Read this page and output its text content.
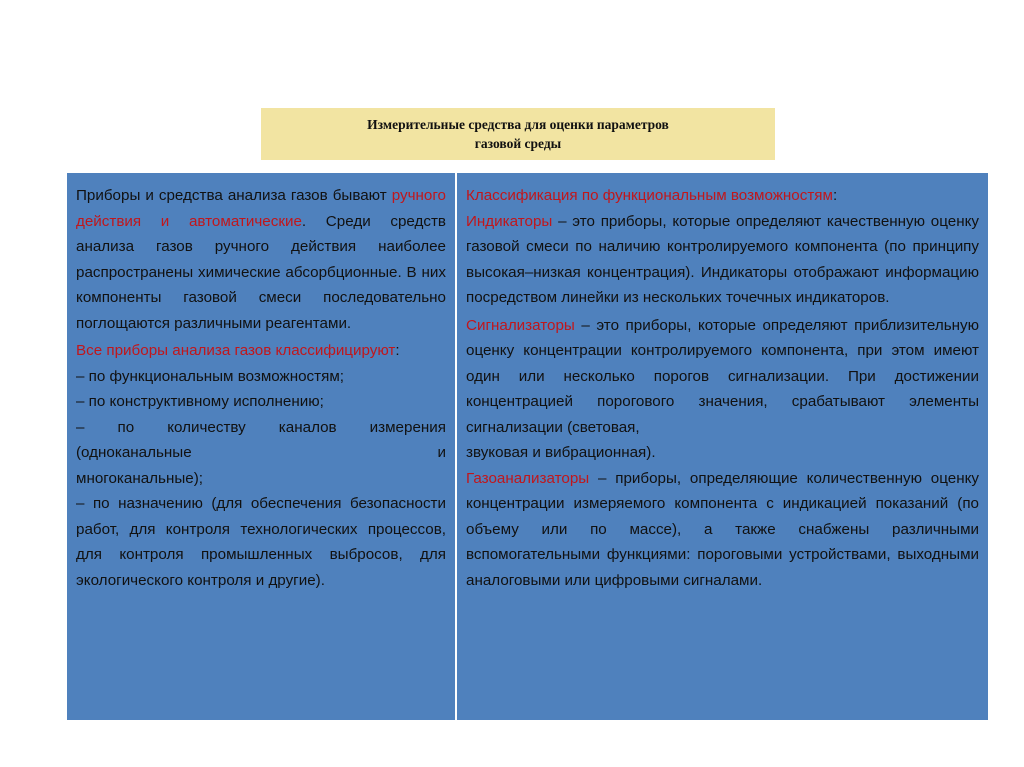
Измерительные средства для оценки параметров
газовой среды

Приборы и средства анализа газов бывают ручного действия и автоматические. Среди средств анализа газов ручного действия наиболее распространены химические абсорбционные. В них компоненты газовой смеси последовательно поглощаются различными реагентами.

Все приборы анализа газов классифицируют:

– по функциональным возможностям;

– по конструктивному исполнению;

– по количеству каналов измерения (одноканальные и

многоканальные);

– по назначению (для обеспечения безопасности работ, для контроля технологических процессов, для контроля промышленных выбросов, для экологического контроля и другие).

Классификация по функциональным возможностям:

Индикаторы – это приборы, которые определяют качественную оценку газовой смеси по наличию контролируемого компонента (по принципу высокая–низкая концентрация). Индикаторы отображают информацию посредством линейки из нескольких точечных индикаторов.

Сигнализаторы – это приборы, которые определяют приблизительную оценку концентрации контролируемого компонента, при этом имеют один или несколько порогов сигнализации. При достижении концентрацией порогового значения, срабатывают элементы сигнализации (световая,

звуковая и вибрационная).

Газоанализаторы – приборы, определяющие количественную оценку концентрации измеряемого компонента с индикацией показаний (по объему или по массе), а также снабжены различными вспомогательными функциями: пороговыми устройствами, выходными аналоговыми или цифровыми сигналами.
